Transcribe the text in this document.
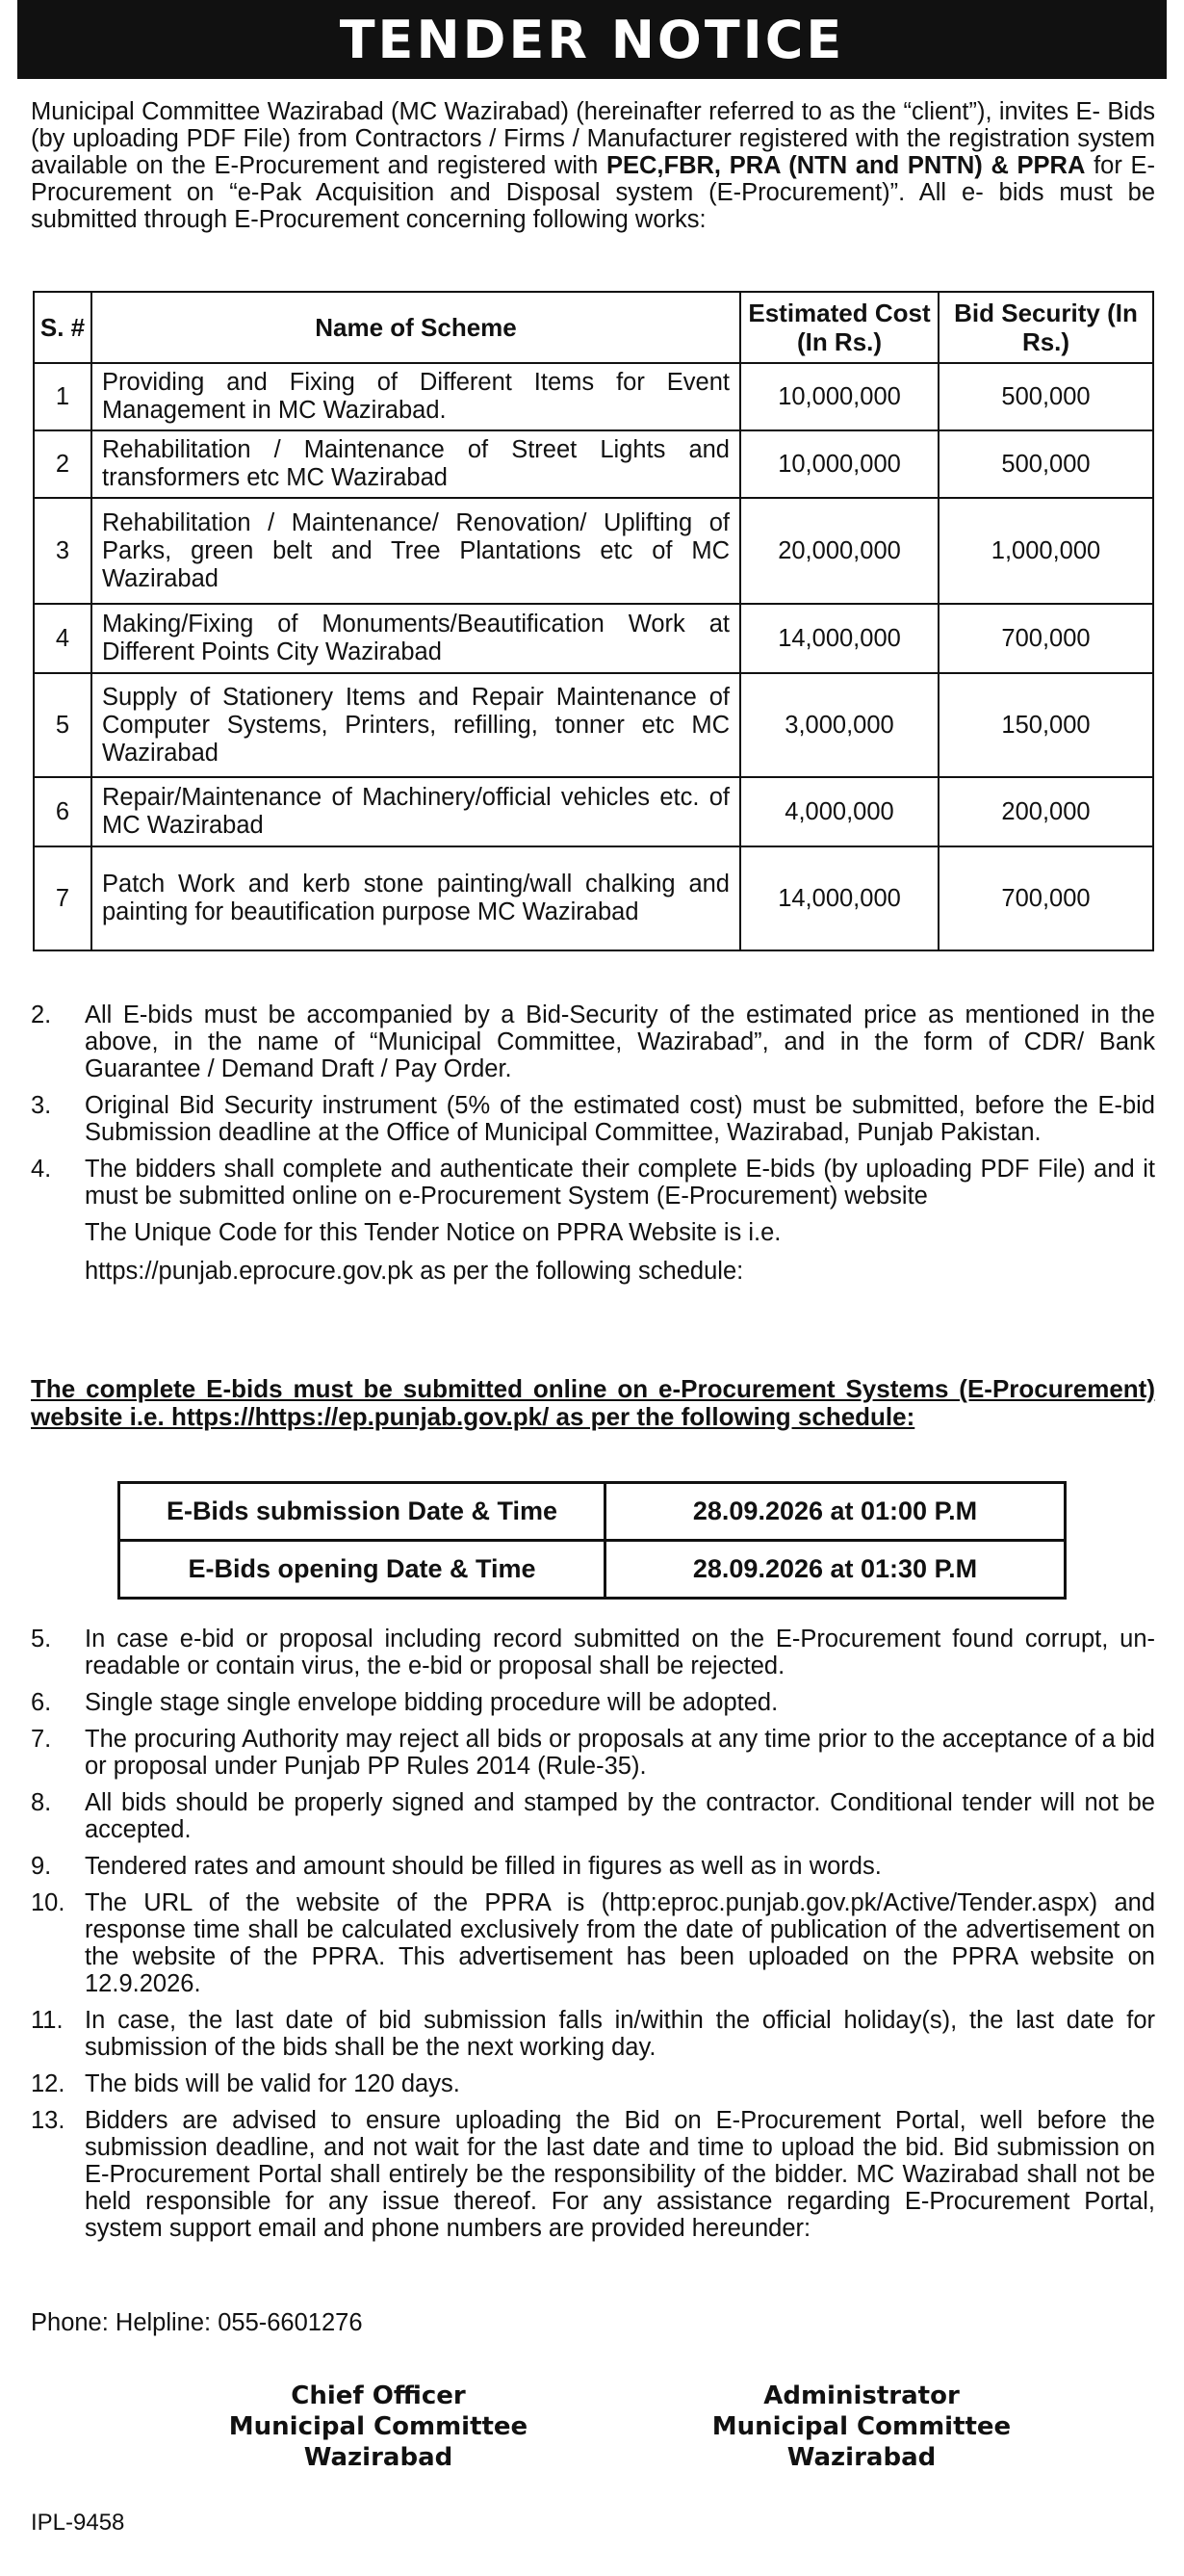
TENDER NOTICE
Municipal Committee Wazirabad (MC Wazirabad) (hereinafter referred to as the “client”), invites E- Bids (by uploading PDF File) from Contractors / Firms / Manufacturer registered with the registration system available on the E-Procurement and registered with PEC,FBR, PRA (NTN and PNTN) & PPRA for E-Procurement on “e-Pak Acquisition and Disposal system (E-Procurement)”. All e- bids must be submitted through E-Procurement concerning following works:
S. #	Name of Scheme	Estimated Cost (In Rs.)	Bid Security (In Rs.)
1	Providing and Fixing of Different Items for Event Management in MC Wazirabad.	10,000,000	500,000
2	Rehabilitation / Maintenance of Street Lights and transformers etc MC Wazirabad	10,000,000	500,000
3	Rehabilitation / Maintenance/ Renovation/ Uplifting of Parks, green belt and Tree Plantations etc of MC Wazirabad	20,000,000	1,000,000
4	Making/Fixing of Monuments/Beautification Work at Different Points City Wazirabad	14,000,000	700,000
5	Supply of Stationery Items and Repair Maintenance of Computer Systems, Printers, refilling, tonner etc MC Wazirabad	3,000,000	150,000
6	Repair/Maintenance of Machinery/official vehicles etc. of MC Wazirabad	4,000,000	200,000
7	Patch Work and kerb stone painting/wall chalking and painting for beautification purpose MC Wazirabad	14,000,000	700,000
2.	All E-bids must be accompanied by a Bid-Security of the estimated price as mentioned in the above, in the name of “Municipal Committee, Wazirabad”, and in the form of CDR/ Bank Guarantee / Demand Draft / Pay Order.
3.	Original Bid Security instrument (5% of the estimated cost) must be submitted, before the E-bid Submission deadline at the Office of Municipal Committee, Wazirabad, Punjab Pakistan.
4.	The bidders shall complete and authenticate their complete E-bids (by uploading PDF File) and it must be submitted online on e-Procurement System (E-Procurement) website
The Unique Code for this Tender Notice on PPRA Website is i.e.
https://punjab.eprocure.gov.pk as per the following schedule:
The complete E-bids must be submitted online on e-Procurement Systems (E-Procurement) website i.e. https://https://ep.punjab.gov.pk/ as per the following schedule:
E-Bids submission Date & Time	28.09.2026 at 01:00 P.M
E-Bids opening Date & Time	28.09.2026 at 01:30 P.M
5.	In case e-bid or proposal including record submitted on the E-Procurement found corrupt, un-readable or contain virus, the e-bid or proposal shall be rejected.
6.	Single stage single envelope bidding procedure will be adopted.
7.	The procuring Authority may reject all bids or proposals at any time prior to the acceptance of a bid or proposal under Punjab PP Rules 2014 (Rule-35).
8.	All bids should be properly signed and stamped by the contractor. Conditional tender will not be accepted.
9.	Tendered rates and amount should be filled in figures as well as in words.
10. The URL of the website of the PPRA is (http:eproc.punjab.gov.pk/Active/Tender.aspx) and response time shall be calculated exclusively from the date of publication of the advertisement on the website of the PPRA. This advertisement has been uploaded on the PPRA website on 12.9.2026.
11. In case, the last date of bid submission falls in/within the official holiday(s), the last date for submission of the bids shall be the next working day.
12. The bids will be valid for 120 days.
13. Bidders are advised to ensure uploading the Bid on E-Procurement Portal, well before the submission deadline, and not wait for the last date and time to upload the bid. Bid submission on E-Procurement Portal shall entirely be the responsibility of the bidder. MC Wazirabad shall not be held responsible for any issue thereof. For any assistance regarding E-Procurement Portal, system support email and phone numbers are provided hereunder:
Phone: Helpline: 055-6601276
Chief Officer
Municipal Committee
Wazirabad
Administrator
Municipal Committee
Wazirabad
IPL-9458
